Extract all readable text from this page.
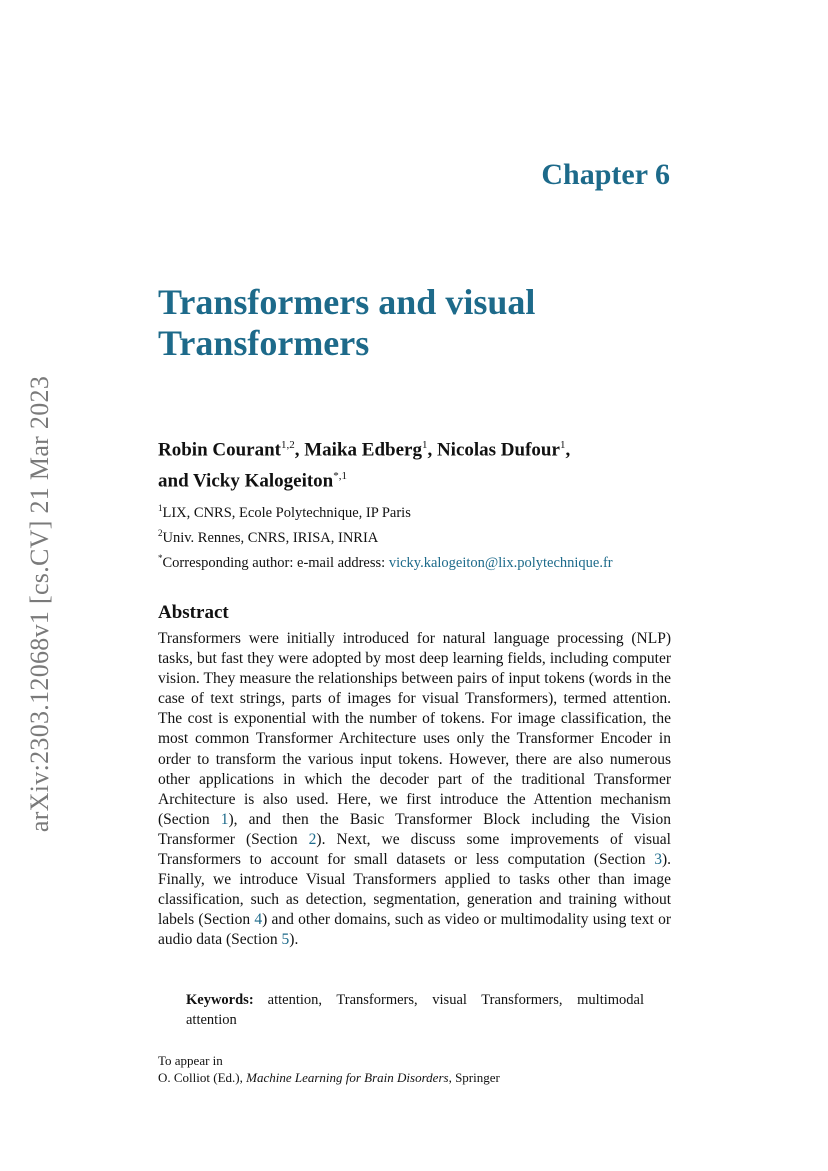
arXiv:2303.12068v1 [cs.CV] 21 Mar 2023
Chapter 6
Transformers and visual Transformers
Robin Courant$^{1,2}$, Maika Edberg$^1$, Nicolas Dufour$^1$,
and Vicky Kalogeiton$^{*,1}$
$^1$LIX, CNRS, Ecole Polytechnique, IP Paris
$^2$Univ. Rennes, CNRS, IRISA, INRIA
*Corresponding author: e-mail address: vicky.kalogeiton@lix.polytechnique.fr
Abstract

Transformers were initially introduced for natural language processing (NLP) tasks, but fast they were adopted by most deep learning fields, including computer vision. They measure the relationships between pairs of input tokens (words in the case of text strings, parts of images for visual Transformers), termed attention. The cost is exponential with the number of tokens. For image classification, the most common Transformer Architecture uses only the Transformer Encoder in order to transform the various input tokens. However, there are also numerous other applications in which the decoder part of the traditional Transformer Architecture is also used. Here, we first introduce the Attention mechanism (Section 1), and then the Basic Transformer Block including the Vision Transformer (Section 2). Next, we discuss some improvements of visual Transformers to account for small datasets or less computation (Section 3). Finally, we introduce Visual Transformers applied to tasks other than image classification, such as detection, segmentation, generation and training without labels (Section 4) and other domains, such as video or multimodality using text or audio data (Section 5).

Keywords: attention, Transformers, visual Transformers, multimodal attention
To appear in
O. Colliot (Ed.), Machine Learning for Brain Disorders, Springer
